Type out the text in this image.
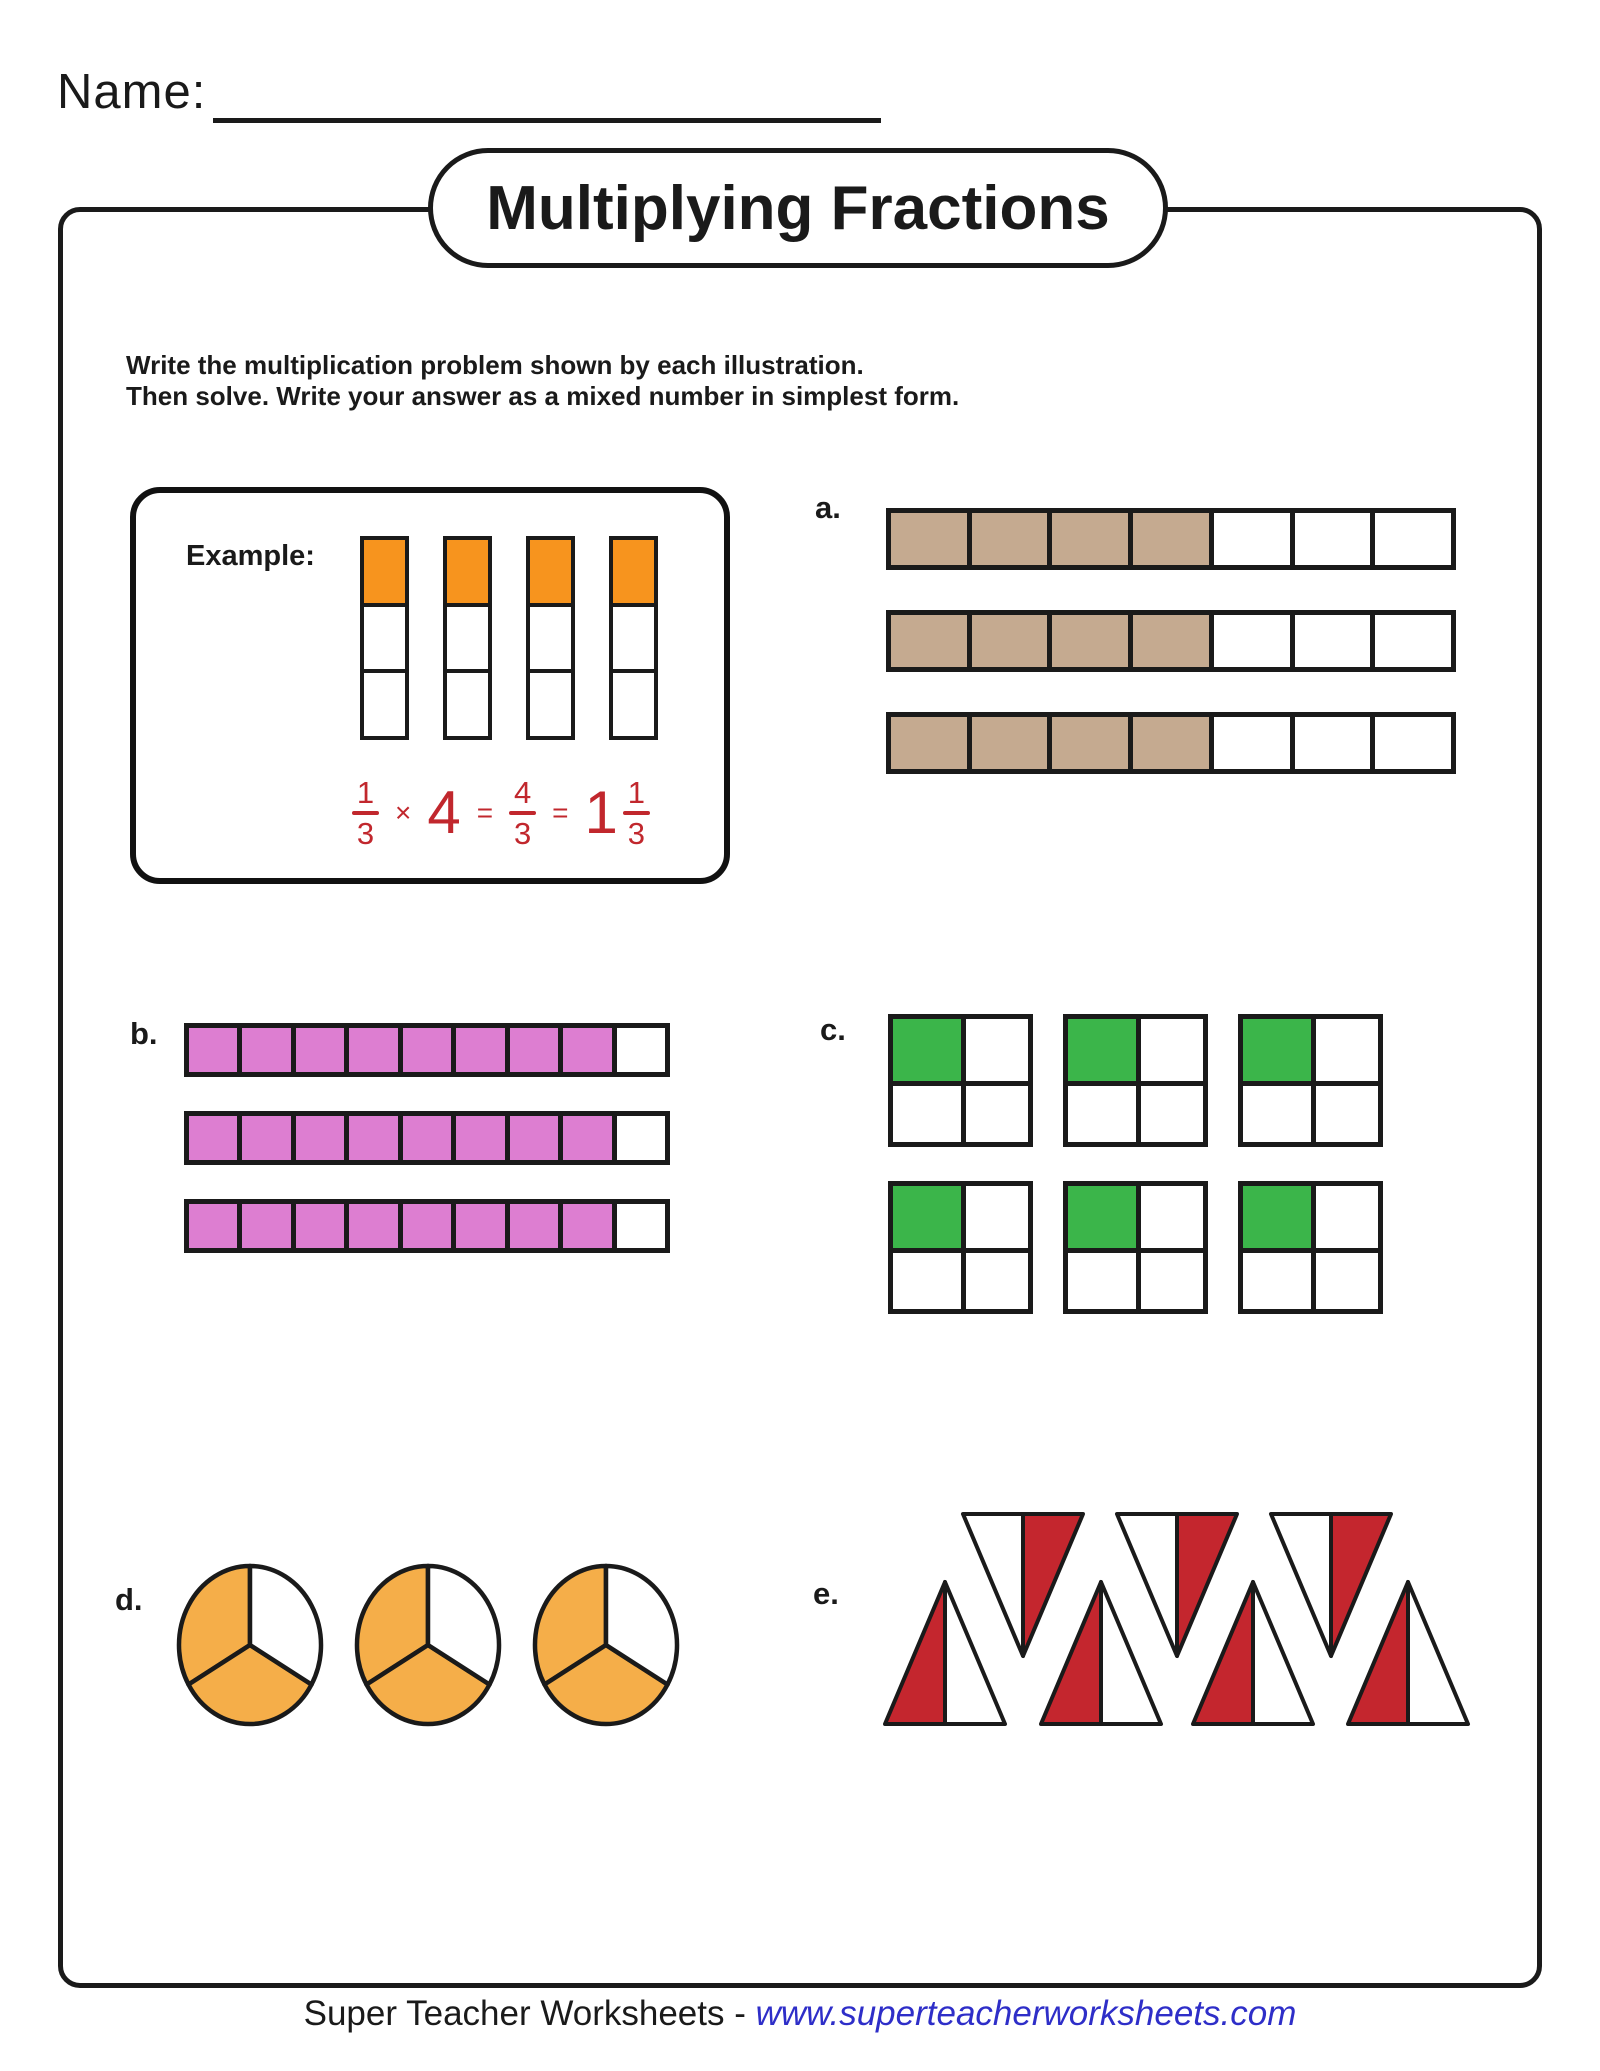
Name:
Multiplying Fractions
Write the multiplication problem shown by each illustration.
Then solve. Write your answer as a mixed number in simplest form.
Example:
$\frac{1}{3} \times 4 = \frac{4}{3} = 1 \frac{1}{3}$
a.
b.	c.
d.	e.
Super Teacher Worksheets - www.superteacherworksheets.com
